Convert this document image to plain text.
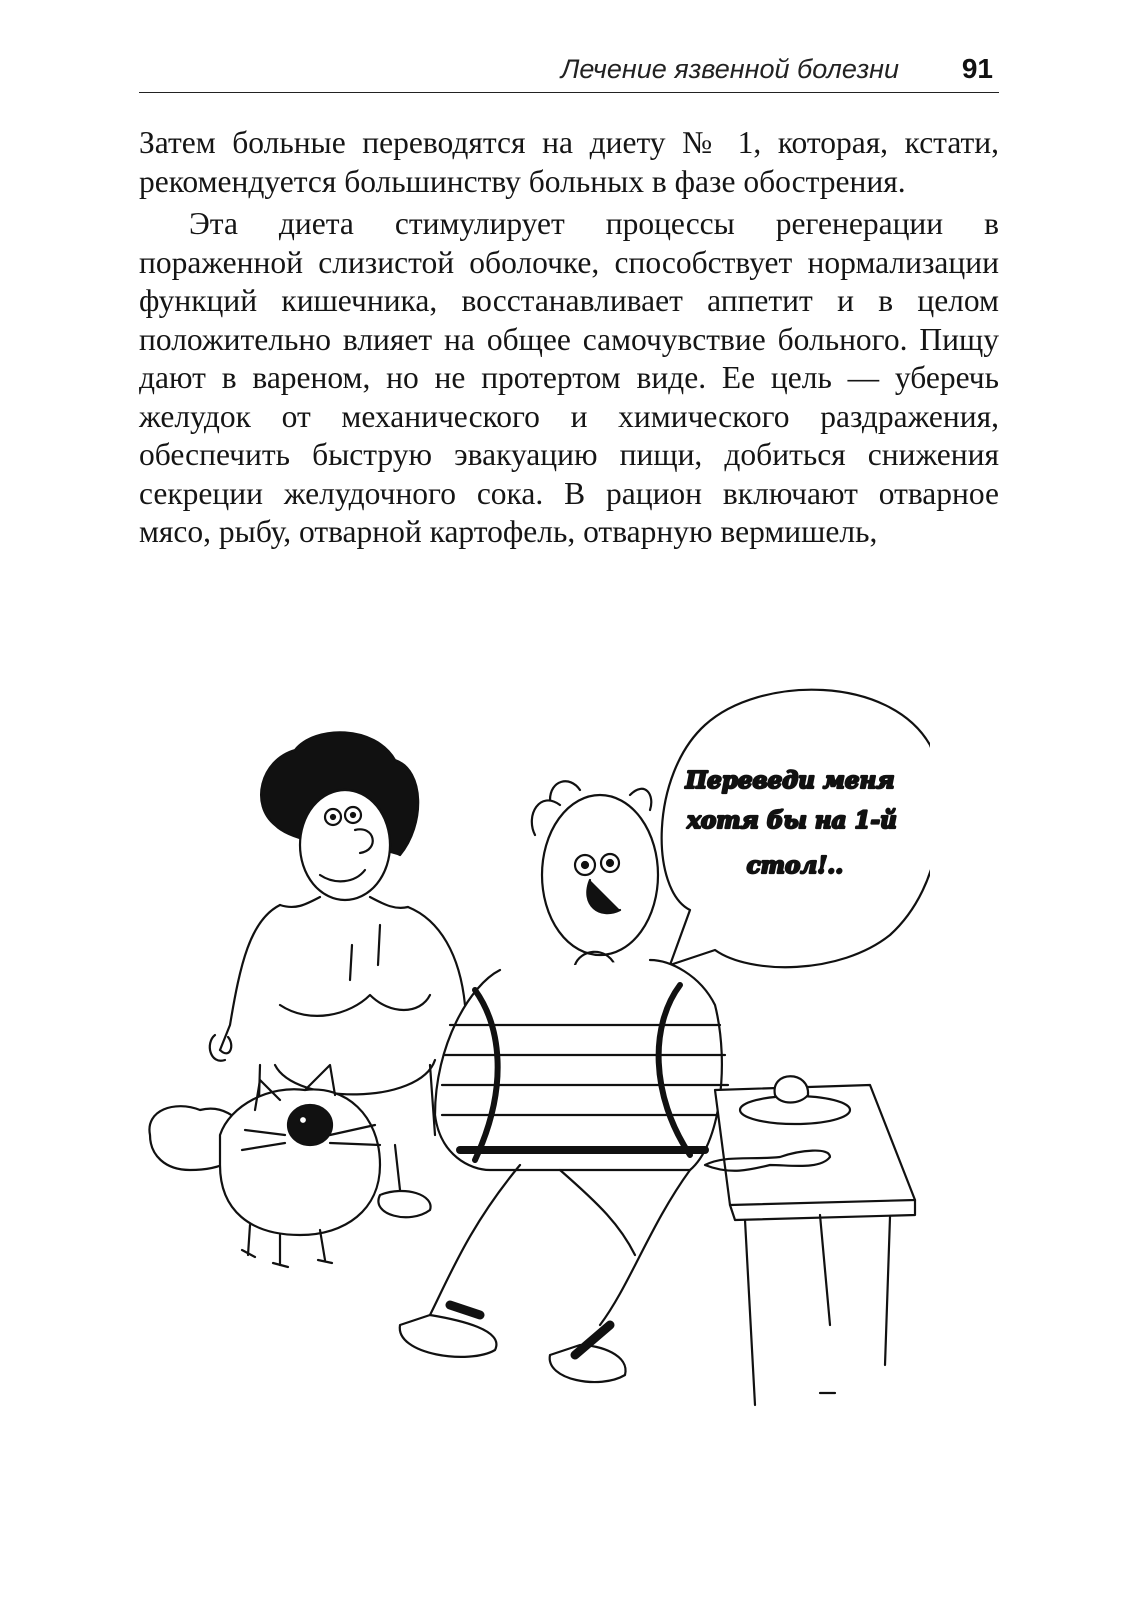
Лечение язвенной болезни 91

Затем больные переводятся на диету № 1, которая, кстати, рекомендуется большинству больных в фазе обострения.

Эта диета стимулирует процессы регенерации в пораженной слизистой оболочке, способствует нормализации функций кишечника, восстанавливает аппетит и в целом положительно влияет на общее самочувствие больного. Пищу дают в вареном, но не протертом виде. Ее цель — уберечь желудок от механического и химического раздражения, обеспечить быструю эвакуацию пищи, добиться снижения секреции желудочного сока. В рацион включают отварное мясо, рыбу, отварной картофель, отварную вермишель,

Переведи меня
хотя бы на 1-й
стол!..
